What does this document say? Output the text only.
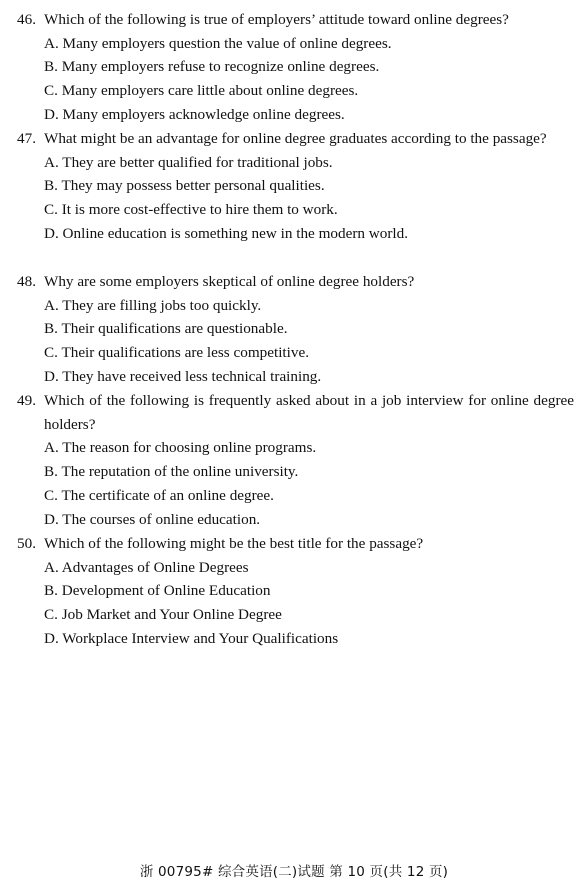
46. Which of the following is true of employers’ attitude toward online degrees?
A. Many employers question the value of online degrees.
B. Many employers refuse to recognize online degrees.
C. Many employers care little about online degrees.
D. Many employers acknowledge online degrees.
47. What might be an advantage for online degree graduates according to the passage?
A. They are better qualified for traditional jobs.
B. They may possess better personal qualities.
C. It is more cost-effective to hire them to work.
D. Online education is something new in the modern world.
48. Why are some employers skeptical of online degree holders?
A. They are filling jobs too quickly.
B. Their qualifications are questionable.
C. Their qualifications are less competitive.
D. They have received less technical training.
49. Which of the following is frequently asked about in a job interview for online degree holders?
A. The reason for choosing online programs.
B. The reputation of the online university.
C. The certificate of an online degree.
D. The courses of online education.
50. Which of the following might be the best title for the passage?
A. Advantages of Online Degrees
B. Development of Online Education
C. Job Market and Your Online Degree
D. Workplace Interview and Your Qualifications
浙 00795# 综合英语(二)试题 第 10 页(共 12 页)
